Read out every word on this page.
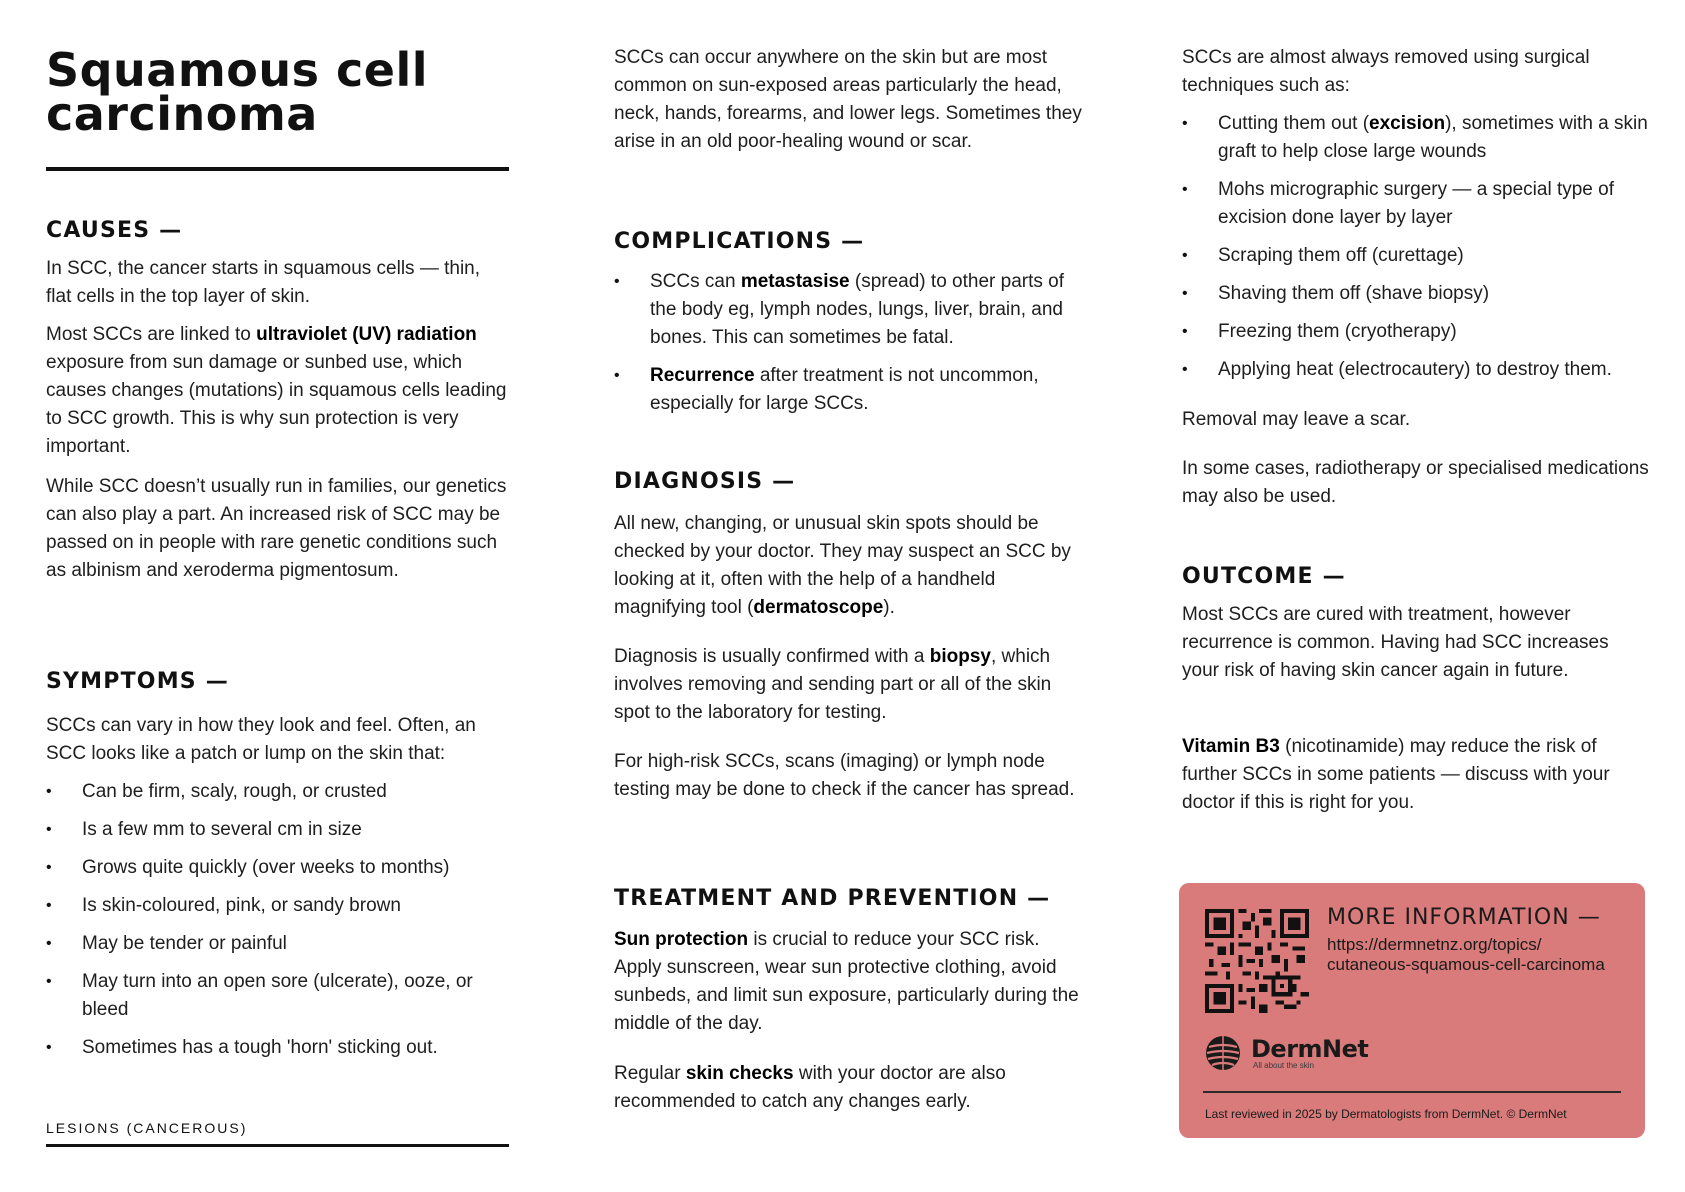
Squamous cell carcinoma
CAUSES —

In SCC, the cancer starts in squamous cells — thin, flat cells in the top layer of skin.

Most SCCs are linked to ultraviolet (UV) radiation exposure from sun damage or sunbed use, which causes changes (mutations) in squamous cells leading to SCC growth. This is why sun protection is very important.

While SCC doesn’t usually run in families, our genetics can also play a part. An increased risk of SCC may be passed on in people with rare genetic conditions such as albinism and xeroderma pigmentosum.

SYMPTOMS —

SCCs can vary in how they look and feel. Often, an SCC looks like a patch or lump on the skin that:

• Can be firm, scaly, rough, or crusted
• Is a few mm to several cm in size
• Grows quite quickly (over weeks to months)
• Is skin-coloured, pink, or sandy brown
• May be tender or painful
• May turn into an open sore (ulcerate), ooze, or bleed
• Sometimes has a tough 'horn' sticking out.
LESIONS (CANCEROUS)

SCCs can occur anywhere on the skin but are most common on sun-exposed areas particularly the head, neck, hands, forearms, and lower legs. Sometimes they arise in an old poor-healing wound or scar.

COMPLICATIONS —
• SCCs can metastasise (spread) to other parts of the body eg, lymph nodes, lungs, liver, brain, and bones. This can sometimes be fatal.
• Recurrence after treatment is not uncommon, especially for large SCCs.
DIAGNOSIS —

All new, changing, or unusual skin spots should be checked by your doctor. They may suspect an SCC by looking at it, often with the help of a handheld magnifying tool (dermatoscope).

Diagnosis is usually confirmed with a biopsy, which involves removing and sending part or all of the skin spot to the laboratory for testing.

For high-risk SCCs, scans (imaging) or lymph node testing may be done to check if the cancer has spread.

TREATMENT AND PREVENTION —

Sun protection is crucial to reduce your SCC risk. Apply sunscreen, wear sun protective clothing, avoid sunbeds, and limit sun exposure, particularly during the middle of the day.

Regular skin checks with your doctor are also recommended to catch any changes early.

SCCs are almost always removed using surgical techniques such as:

• Cutting them out (excision), sometimes with a skin graft to help close large wounds
• Mohs micrographic surgery — a special type of excision done layer by layer
• Scraping them off (curettage)
• Shaving them off (shave biopsy)
• Freezing them (cryotherapy)
• Applying heat (electrocautery) to destroy them.

Removal may leave a scar.

In some cases, radiotherapy or specialised medications may also be used.

OUTCOME —

Most SCCs are cured with treatment, however recurrence is common. Having had SCC increases your risk of having skin cancer again in future.

Vitamin B3 (nicotinamide) may reduce the risk of further SCCs in some patients — discuss with your doctor if this is right for you.

MORE INFORMATION —
https://dermnetnz.org/topics/ cutaneous-squamous-cell-carcinoma
DermNet
All about the skin
Last reviewed in 2025 by Dermatologists from DermNet. © DermNet
